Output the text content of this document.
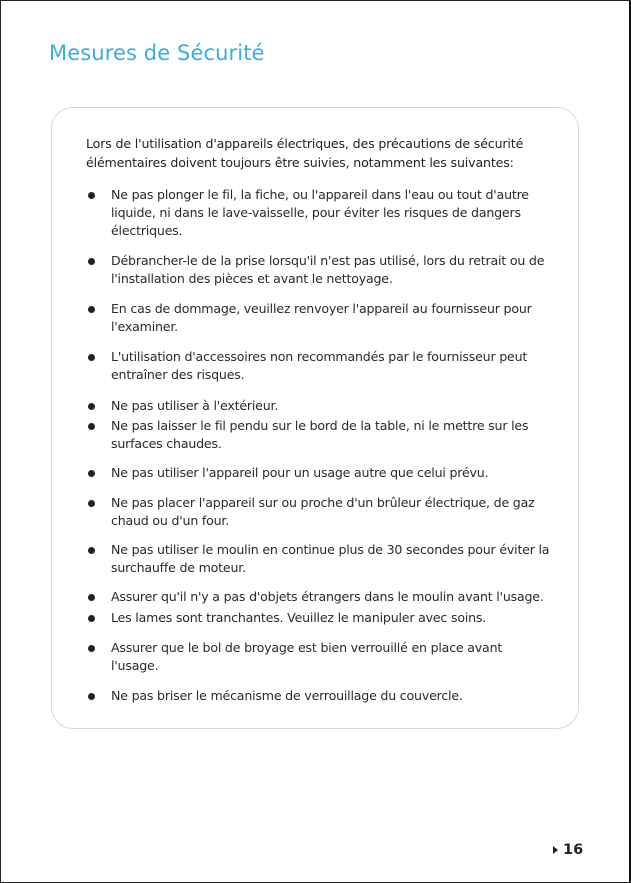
Mesures de Sécurité

Lors de l'utilisation d'appareils électriques, des précautions de sécurité élémentaires doivent toujours être suivies, notamment les suivantes:

Ne pas plonger le fil, la fiche, ou l'appareil dans l'eau ou tout d'autre liquide, ni dans le lave-vaisselle, pour éviter les risques de dangers électriques.
Débrancher-le de la prise lorsqu'il n'est pas utilisé, lors du retrait ou de l'installation des pièces et avant le nettoyage.
En cas de dommage, veuillez renvoyer l'appareil au fournisseur pour l'examiner.
L'utilisation d'accessoires non recommandés par le fournisseur peut entraîner des risques.
Ne pas utiliser à l'extérieur.
Ne pas laisser le fil pendu sur le bord de la table, ni le mettre sur les surfaces chaudes.
Ne pas utiliser l'appareil pour un usage autre que celui prévu.
Ne pas placer l'appareil sur ou proche d'un brûleur électrique, de gaz chaud ou d'un four.
Ne pas utiliser le moulin en continue plus de 30 secondes pour éviter la surchauffe de moteur.
Assurer qu'il n'y a pas d'objets étrangers dans le moulin avant l'usage.
Les lames sont tranchantes. Veuillez le manipuler avec soins.
Assurer que le bol de broyage est bien verrouillé en place avant l'usage.
Ne pas briser le mécanisme de verrouillage du couvercle.
16
